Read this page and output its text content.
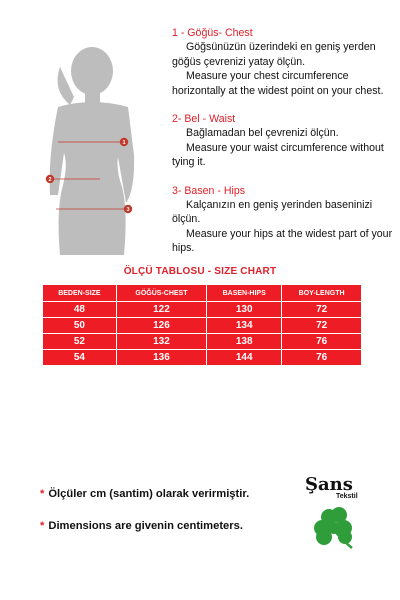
1
2
3
1 - Göğüs- Chest
Göğsünüzün üzerindeki en geniş yerden göğüs çevrenizi yatay ölçün.
Measure your chest circumference horizontally at the widest point on your chest.
2- Bel - Waist
Bağlamadan bel çevrenizi ölçün.
Measure your waist circumference without tying it.
3- Basen - Hips
Kalçanızın en geniş yerinden baseninizi ölçün.
Measure your hips at the widest part of your hips.
ÖLÇÜ TABLOSU - SIZE CHART
BEDEN-SIZE	GÖĞÜS-CHEST	BASEN-HIPS	BOY-LENGTH
48	122	130	72
50	126	134	72
52	132	138	76
54	136	144	76
* Ölçüler cm (santim) olarak verirmiştir.
* Dimensions are givenin centimeters.
Şans
Tekstil
